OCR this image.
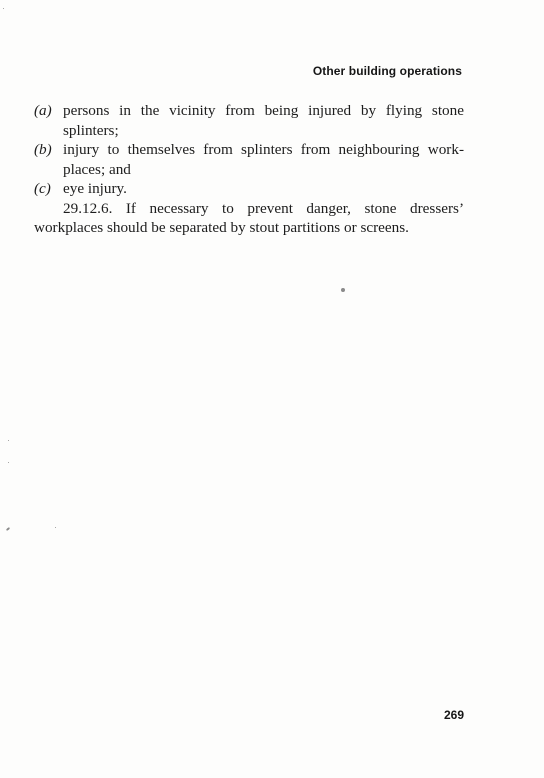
Other building operations
(a) persons in the vicinity from being injured by flying stone
splinters;
(b) injury to themselves from splinters from neighbouring work-
places; and
(c) eye injury.
29.12.6. If necessary to prevent danger, stone dressers’
workplaces should be separated by stout partitions or screens.
269
